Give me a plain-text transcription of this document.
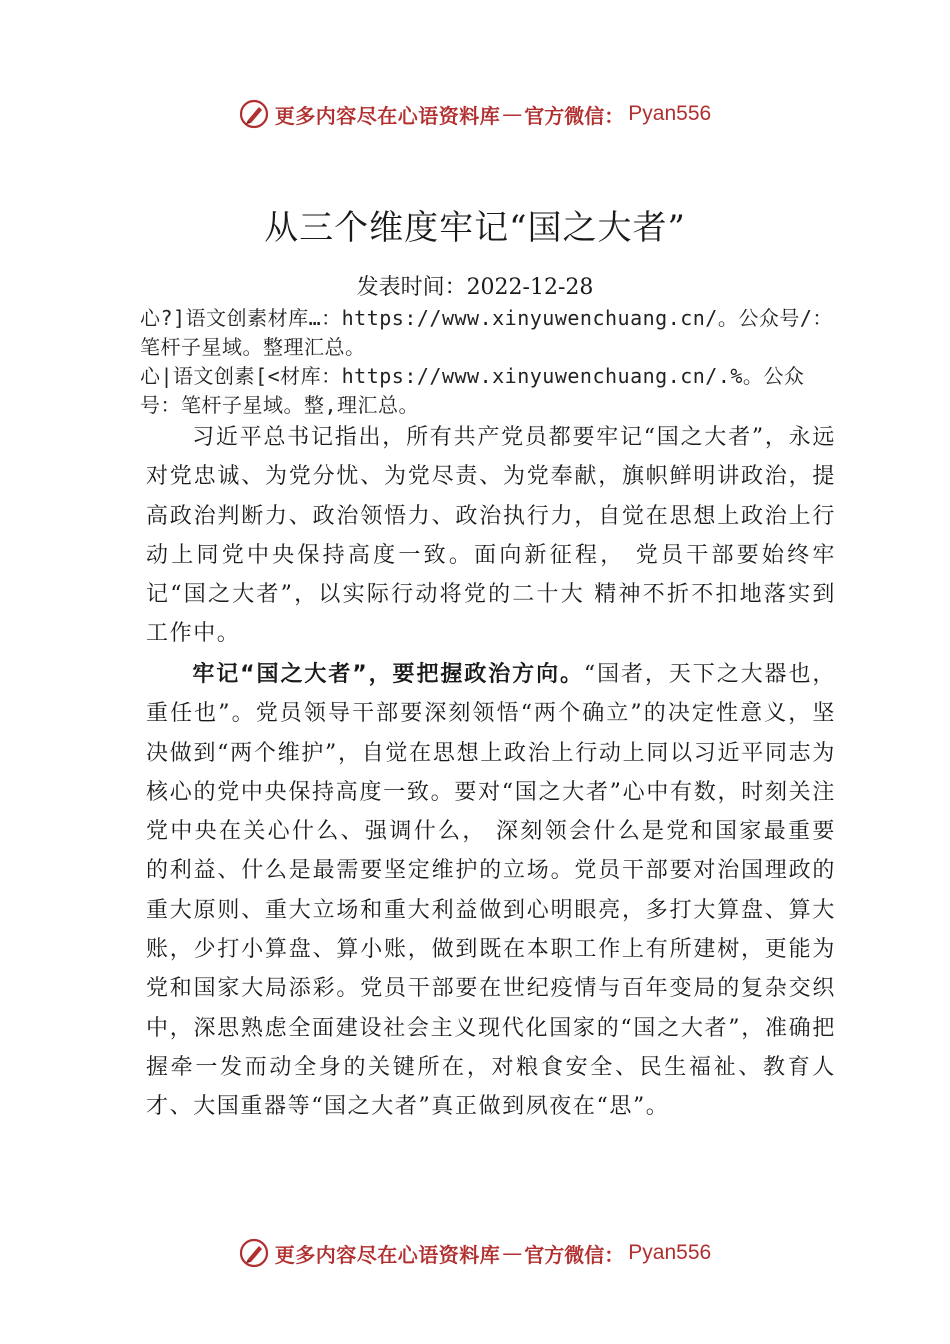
更多内容尽在心语资料库 — 官方微信： Pyan556
从三个维度牢记“国之大者”
发表时间：2022-12-28
心?]语文创素材库…：https://www.xinyuwenchuang.cn/。公众号/：笔杆子星域。整理汇总。
心|语文创素[<材库：https://www.xinyuwenchuang.cn/.%。公众号：笔杆子星域。整,理汇总。
习近平总书记指出，所有共产党员都要牢记“国之大者”，永远对党忠诚、为党分忧、为党尽责、为党奉献，旗帜鲜明讲政治，提高政治判断力、政治领悟力、政治执行力，自觉在思想上政治上行动上同党中央保持高度一致。面向新征程， 党员干部要始终牢记“国之大者”，以实际行动将党的二十大 精神不折不扣地落实到工作中。
牢记“国之大者”，要把握政治方向。“国者，天下之大器也，重任也”。党员领导干部要深刻领悟“两个确立”的决定性意义，坚决做到“两个维护”，自觉在思想上政治上行动上同以习近平同志为核心的党中央保持高度一致。要对“国之大者”心中有数，时刻关注党中央在关心什么、强调什么， 深刻领会什么是党和国家最重要的利益、什么是最需要坚定维护的立场。党员干部要对治国理政的重大原则、重大立场和重大利益做到心明眼亮，多打大算盘、算大账，少打小算盘、算小账，做到既在本职工作上有所建树，更能为党和国家大局添彩。党员干部要在世纪疫情与百年变局的复杂交织中，深思熟虑全面建设社会主义现代化国家的“国之大者”，准确把握牵一发而动全身的关键所在，对粮食安全、民生福祉、教育人才、大国重器等“国之大者”真正做到夙夜在“思”。
更多内容尽在心语资料库 — 官方微信： Pyan556
